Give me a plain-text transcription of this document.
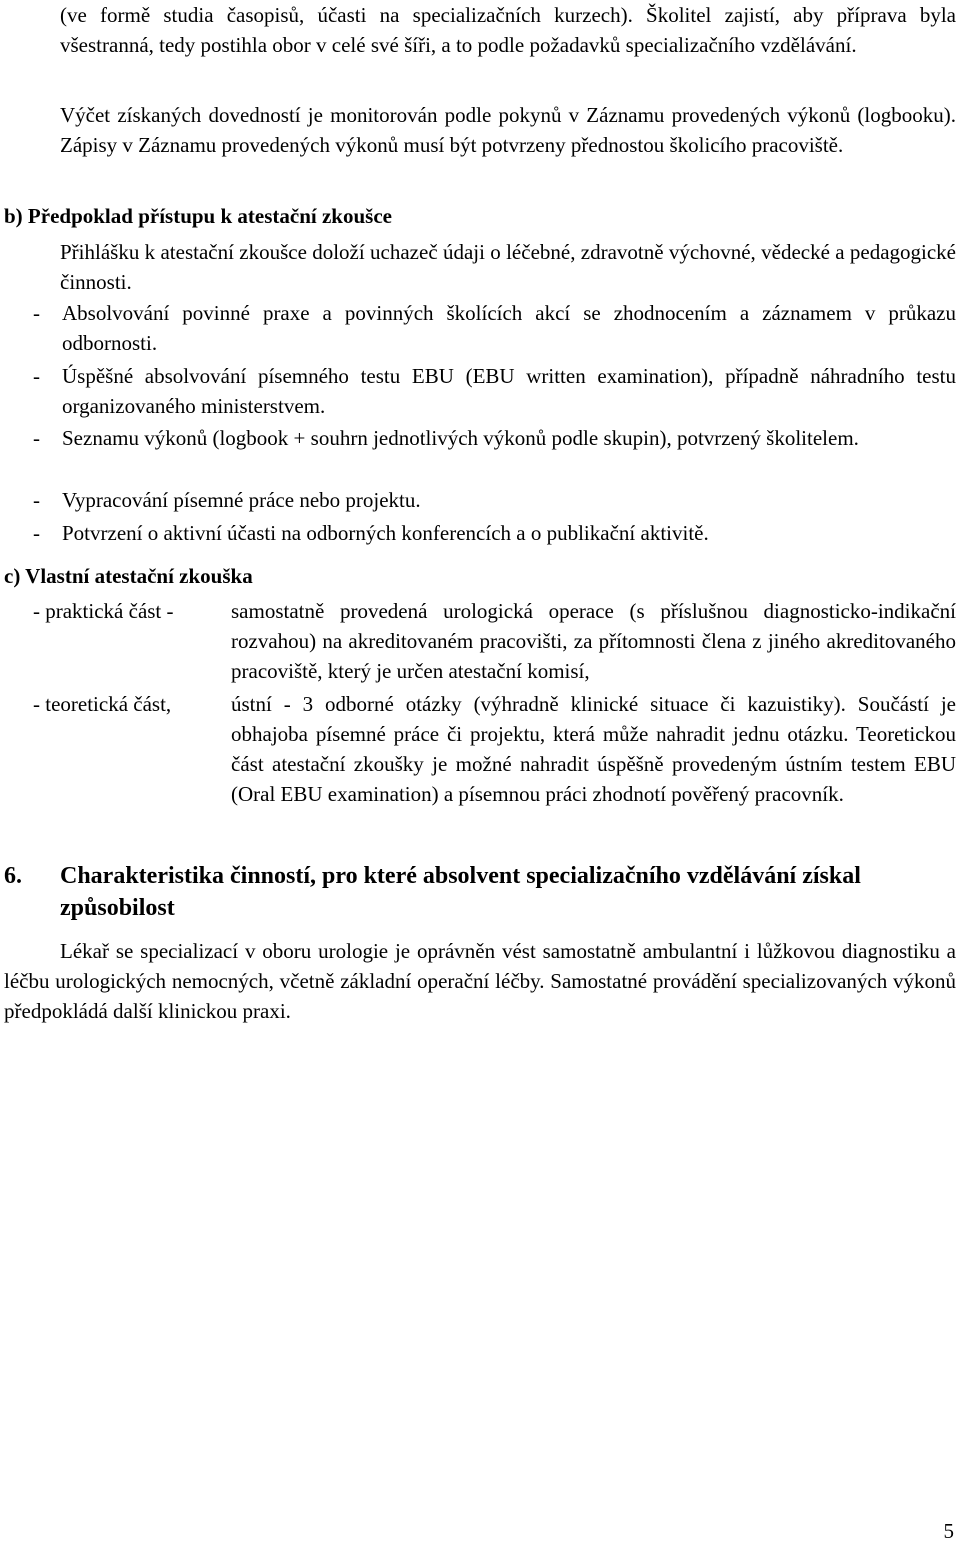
(ve formě studia časopisů, účasti na specializačních kurzech). Školitel zajistí, aby příprava byla všestranná, tedy postihla obor v celé své šíři, a to podle požadavků specializačního vzdělávání.
Výčet získaných dovedností je monitorován podle pokynů v Záznamu provedených výkonů (logbooku). Zápisy v Záznamu provedených výkonů musí být potvrzeny přednostou školicího pracoviště.
b) Předpoklad přístupu k atestační zkoušce
Přihlášku k atestační zkoušce doloží uchazeč údaji o léčebné, zdravotně výchovné, vědecké a pedagogické činnosti.
- Absolvování povinné praxe a povinných školících akcí se zhodnocením a záznamem v průkazu odbornosti.
- Úspěšné absolvování písemného testu EBU (EBU written examination), případně náhradního testu organizovaného ministerstvem.
- Seznamu výkonů (logbook + souhrn jednotlivých výkonů podle skupin), potvrzený školitelem.
- Vypracování písemné práce nebo projektu.
- Potvrzení o aktivní účasti na odborných konferencích a o publikační aktivitě.
c) Vlastní atestační zkouška
- praktická část -	samostatně provedená urologická operace (s příslušnou diagnosticko-indikační rozvahou) na akreditovaném pracovišti, za přítomnosti člena z jiného akreditovaného pracoviště, který je určen atestační komisí,
- teoretická část,	ústní - 3 odborné otázky (výhradně klinické situace či kazuistiky). Součástí je obhajoba písemné práce či projektu, která může nahradit jednu otázku. Teoretickou část atestační zkoušky je možné nahradit úspěšně provedeným ústním testem EBU (Oral EBU examination) a písemnou práci zhodnotí pověřený pracovník.
6. Charakteristika činností, pro které absolvent specializačního vzdělávání získal způsobilost
Lékař se specializací v oboru urologie je oprávněn vést samostatně ambulantní i lůžkovou diagnostiku a léčbu urologických nemocných, včetně základní operační léčby. Samostatné provádění specializovaných výkonů předpokládá další klinickou praxi.
5
